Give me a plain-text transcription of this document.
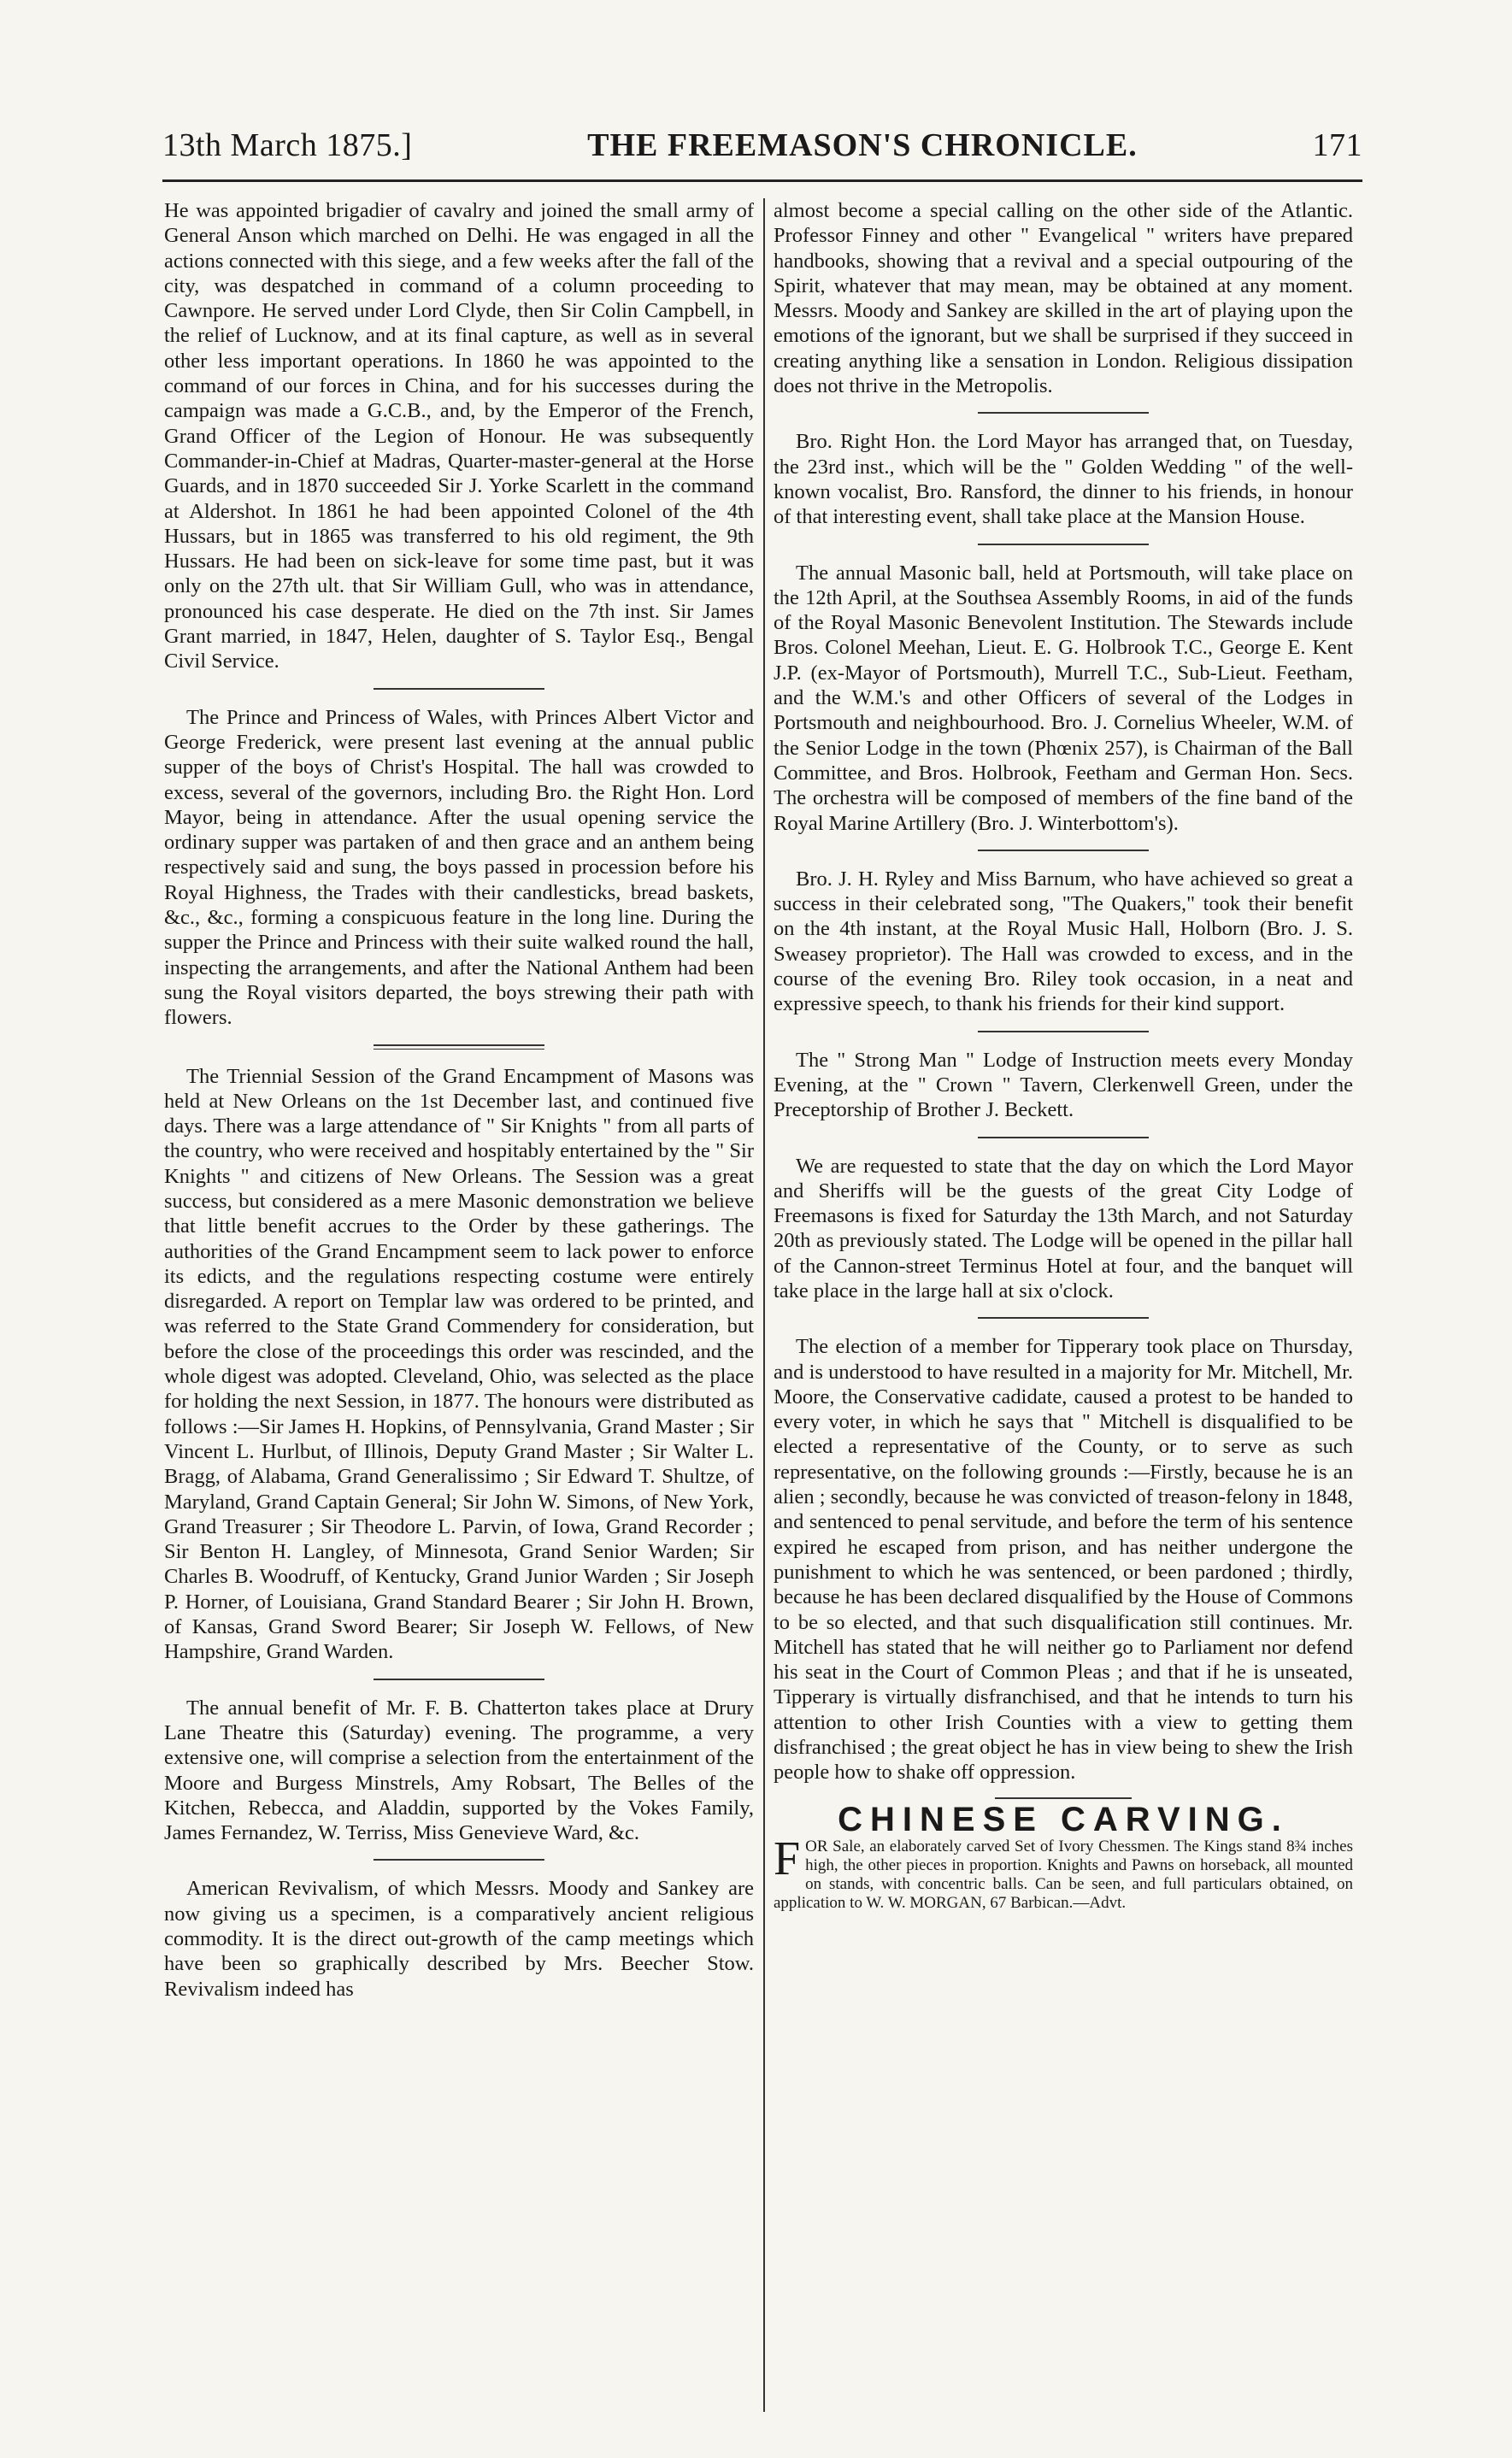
13th March 1875.]	THE FREEMASON'S CHRONICLE.	171

He was appointed brigadier of cavalry and joined the small army of General Anson which marched on Delhi. He was engaged in all the actions connected with this siege, and a few weeks after the fall of the city, was despatched in command of a column proceeding to Cawnpore. He served under Lord Clyde, then Sir Colin Campbell, in the relief of Lucknow, and at its final capture, as well as in several other less important operations. In 1860 he was appointed to the command of our forces in China, and for his successes during the campaign was made a G.C.B., and, by the Emperor of the French, Grand Officer of the Legion of Honour. He was subsequently Commander-in-Chief at Madras, Quarter-master-general at the Horse Guards, and in 1870 succeeded Sir J. Yorke Scarlett in the command at Aldershot. In 1861 he had been appointed Colonel of the 4th Hussars, but in 1865 was transferred to his old regiment, the 9th Hussars. He had been on sick-leave for some time past, but it was only on the 27th ult. that Sir William Gull, who was in attendance, pronounced his case desperate. He died on the 7th inst. Sir James Grant married, in 1847, Helen, daughter of S. Taylor Esq., Bengal Civil Service.

The Prince and Princess of Wales, with Princes Albert Victor and George Frederick, were present last evening at the annual public supper of the boys of Christ's Hospital. The hall was crowded to excess, several of the governors, including Bro. the Right Hon. Lord Mayor, being in attendance. After the usual opening service the ordinary supper was partaken of and then grace and an anthem being respectively said and sung, the boys passed in procession before his Royal Highness, the Trades with their candlesticks, bread baskets, &c., &c., forming a conspicuous feature in the long line. During the supper the Prince and Princess with their suite walked round the hall, inspecting the arrangements, and after the National Anthem had been sung the Royal visitors departed, the boys strewing their path with flowers.

The Triennial Session of the Grand Encampment of Masons was held at New Orleans on the 1st December last, and continued five days. There was a large attendance of " Sir Knights " from all parts of the country, who were received and hospitably entertained by the " Sir Knights " and citizens of New Orleans. The Session was a great success, but considered as a mere Masonic demonstration we believe that little benefit accrues to the Order by these gatherings. The authorities of the Grand Encampment seem to lack power to enforce its edicts, and the regulations respecting costume were entirely disregarded. A report on Templar law was ordered to be printed, and was referred to the State Grand Commendery for consideration, but before the close of the proceedings this order was rescinded, and the whole digest was adopted. Cleveland, Ohio, was selected as the place for holding the next Session, in 1877. The honours were distributed as follows :—Sir James H. Hopkins, of Pennsylvania, Grand Master ; Sir Vincent L. Hurlbut, of Illinois, Deputy Grand Master ; Sir Walter L. Bragg, of Alabama, Grand Generalissimo ; Sir Edward T. Shultze, of Maryland, Grand Captain General; Sir John W. Simons, of New York, Grand Treasurer ; Sir Theodore L. Parvin, of Iowa, Grand Recorder ; Sir Benton H. Langley, of Minnesota, Grand Senior Warden; Sir Charles B. Woodruff, of Kentucky, Grand Junior Warden ; Sir Joseph P. Horner, of Louisiana, Grand Standard Bearer ; Sir John H. Brown, of Kansas, Grand Sword Bearer; Sir Joseph W. Fellows, of New Hampshire, Grand Warden.

The annual benefit of Mr. F. B. Chatterton takes place at Drury Lane Theatre this (Saturday) evening. The programme, a very extensive one, will comprise a selection from the entertainment of the Moore and Burgess Minstrels, Amy Robsart, The Belles of the Kitchen, Rebecca, and Aladdin, supported by the Vokes Family, James Fernandez, W. Terriss, Miss Genevieve Ward, &c.

American Revivalism, of which Messrs. Moody and Sankey are now giving us a specimen, is a comparatively ancient religious commodity. It is the direct out-growth of the camp meetings which have been so graphically described by Mrs. Beecher Stow. Revivalism indeed has

almost become a special calling on the other side of the Atlantic. Professor Finney and other " Evangelical " writers have prepared handbooks, showing that a revival and a special outpouring of the Spirit, whatever that may mean, may be obtained at any moment. Messrs. Moody and Sankey are skilled in the art of playing upon the emotions of the ignorant, but we shall be surprised if they succeed in creating anything like a sensation in London. Religious dissipation does not thrive in the Metropolis.

Bro. Right Hon. the Lord Mayor has arranged that, on Tuesday, the 23rd inst., which will be the " Golden Wedding " of the well-known vocalist, Bro. Ransford, the dinner to his friends, in honour of that interesting event, shall take place at the Mansion House.

The annual Masonic ball, held at Portsmouth, will take place on the 12th April, at the Southsea Assembly Rooms, in aid of the funds of the Royal Masonic Benevolent Institution. The Stewards include Bros. Colonel Meehan, Lieut. E. G. Holbrook T.C., George E. Kent J.P. (ex-Mayor of Portsmouth), Murrell T.C., Sub-Lieut. Feetham, and the W.M.'s and other Officers of several of the Lodges in Portsmouth and neighbourhood. Bro. J. Cornelius Wheeler, W.M. of the Senior Lodge in the town (Phœnix 257), is Chairman of the Ball Committee, and Bros. Holbrook, Feetham and German Hon. Secs. The orchestra will be composed of members of the fine band of the Royal Marine Artillery (Bro. J. Winterbottom's).

Bro. J. H. Ryley and Miss Barnum, who have achieved so great a success in their celebrated song, "The Quakers," took their benefit on the 4th instant, at the Royal Music Hall, Holborn (Bro. J. S. Sweasey proprietor). The Hall was crowded to excess, and in the course of the evening Bro. Riley took occasion, in a neat and expressive speech, to thank his friends for their kind support.

The " Strong Man " Lodge of Instruction meets every Monday Evening, at the " Crown " Tavern, Clerkenwell Green, under the Preceptorship of Brother J. Beckett.

We are requested to state that the day on which the Lord Mayor and Sheriffs will be the guests of the great City Lodge of Freemasons is fixed for Saturday the 13th March, and not Saturday 20th as previously stated. The Lodge will be opened in the pillar hall of the Cannon-street Terminus Hotel at four, and the banquet will take place in the large hall at six o'clock.

The election of a member for Tipperary took place on Thursday, and is understood to have resulted in a majority for Mr. Mitchell, Mr. Moore, the Conservative cadidate, caused a protest to be handed to every voter, in which he says that " Mitchell is disqualified to be elected a representative of the County, or to serve as such representative, on the following grounds :—Firstly, because he is an alien ; secondly, because he was convicted of treason-felony in 1848, and sentenced to penal servitude, and before the term of his sentence expired he escaped from prison, and has neither undergone the punishment to which he was sentenced, or been pardoned ; thirdly, because he has been declared disqualified by the House of Commons to be so elected, and that such disqualification still continues. Mr. Mitchell has stated that he will neither go to Parliament nor defend his seat in the Court of Common Pleas ; and that if he is unseated, Tipperary is virtually disfranchised, and that he intends to turn his attention to other Irish Counties with a view to getting them disfranchised ; the great object he has in view being to shew the Irish people how to shake off oppression.

CHINESE CARVING.

FOR Sale, an elaborately carved Set of Ivory Chessmen. The Kings stand 8¾ inches high, the other pieces in proportion. Knights and Pawns on horseback, all mounted on stands, with concentric balls. Can be seen, and full particulars obtained, on application to W. W. MORGAN, 67 Barbican.—Advt.
